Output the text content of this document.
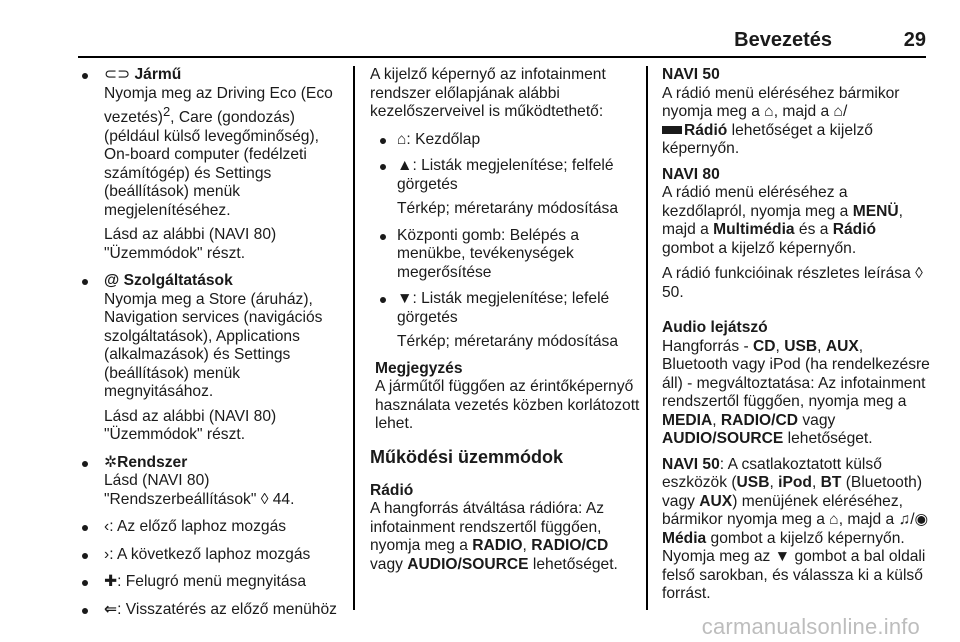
Bevezetés	29
⊂⊃ Jármű
Nyomja meg az Driving Eco (Eco vezetés)$^2$, Care (gondozás) (például külső levegőminőség), On-board computer (fedélzeti számítógép) és Settings (beállítások) menük megjelenítéséhez.
Lásd az alábbi (NAVI 80) "Üzemmódok" részt.
@ Szolgáltatások
Nyomja meg a Store (áruház), Navigation services (navigációs szolgáltatások), Applications (alkalmazások) és Settings (beállítások) menük megnyitásához.
Lásd az alábbi (NAVI 80) "Üzemmódok" részt.
✲Rendszer
Lásd (NAVI 80) "Rendszerbeállítások" ◊ 44.
‹: Az előző laphoz mozgás
›: A következő laphoz mozgás
✚: Felugró menü megnyitása
⇐: Visszatérés az előző menühöz
A kijelző képernyő az infotainment rendszer előlapjának alábbi kezelőszerveivel is működtethető:
⌂: Kezdőlap
▲: Listák megjelenítése; felfelé görgetés
Térkép; méretarány módosítása
Központi gomb: Belépés a menükbe, tevékenységek megerősítése
▼: Listák megjelenítése; lefelé görgetés
Térkép; méretarány módosítása
Megjegyzés
A járműtől függően az érintőképernyő használata vezetés közben korlátozott lehet.
Működési üzemmódok
Rádió
A hangforrás átváltása rádióra: Az infotainment rendszertől függően, nyomja meg a RADIO, RADIO/CD vagy AUDIO/SOURCE lehetőséget.
NAVI 50
A rádió menü eléréséhez bármikor nyomja meg a ⌂, majd a ⌂/

Rádió lehetőséget a kijelző képernyőn.
NAVI 80
A rádió menü eléréséhez a kezdőlapról, nyomja meg a MENÜ, majd a Multimédia és a Rádió gombot a kijelző képernyőn.
A rádió funkcióinak részletes leírása ◊ 50.
Audio lejátszó
Hangforrás - CD, USB, AUX, Bluetooth vagy iPod (ha rendelkezésre áll) - megváltoztatása: Az infotainment rendszertől függően, nyomja meg a MEDIA, RADIO/CD vagy AUDIO/SOURCE lehetőséget.
NAVI 50: A csatlakoztatott külső eszközök (USB, iPod, BT (Bluetooth) vagy AUX) menüjének eléréséhez, bármikor nyomja meg a ⌂, majd a ♫/◉Média gombot a kijelző képernyőn. Nyomja meg az ▼ gombot a bal oldali felső sarokban, és válassza ki a külső forrást.
carmanualsonline.info
